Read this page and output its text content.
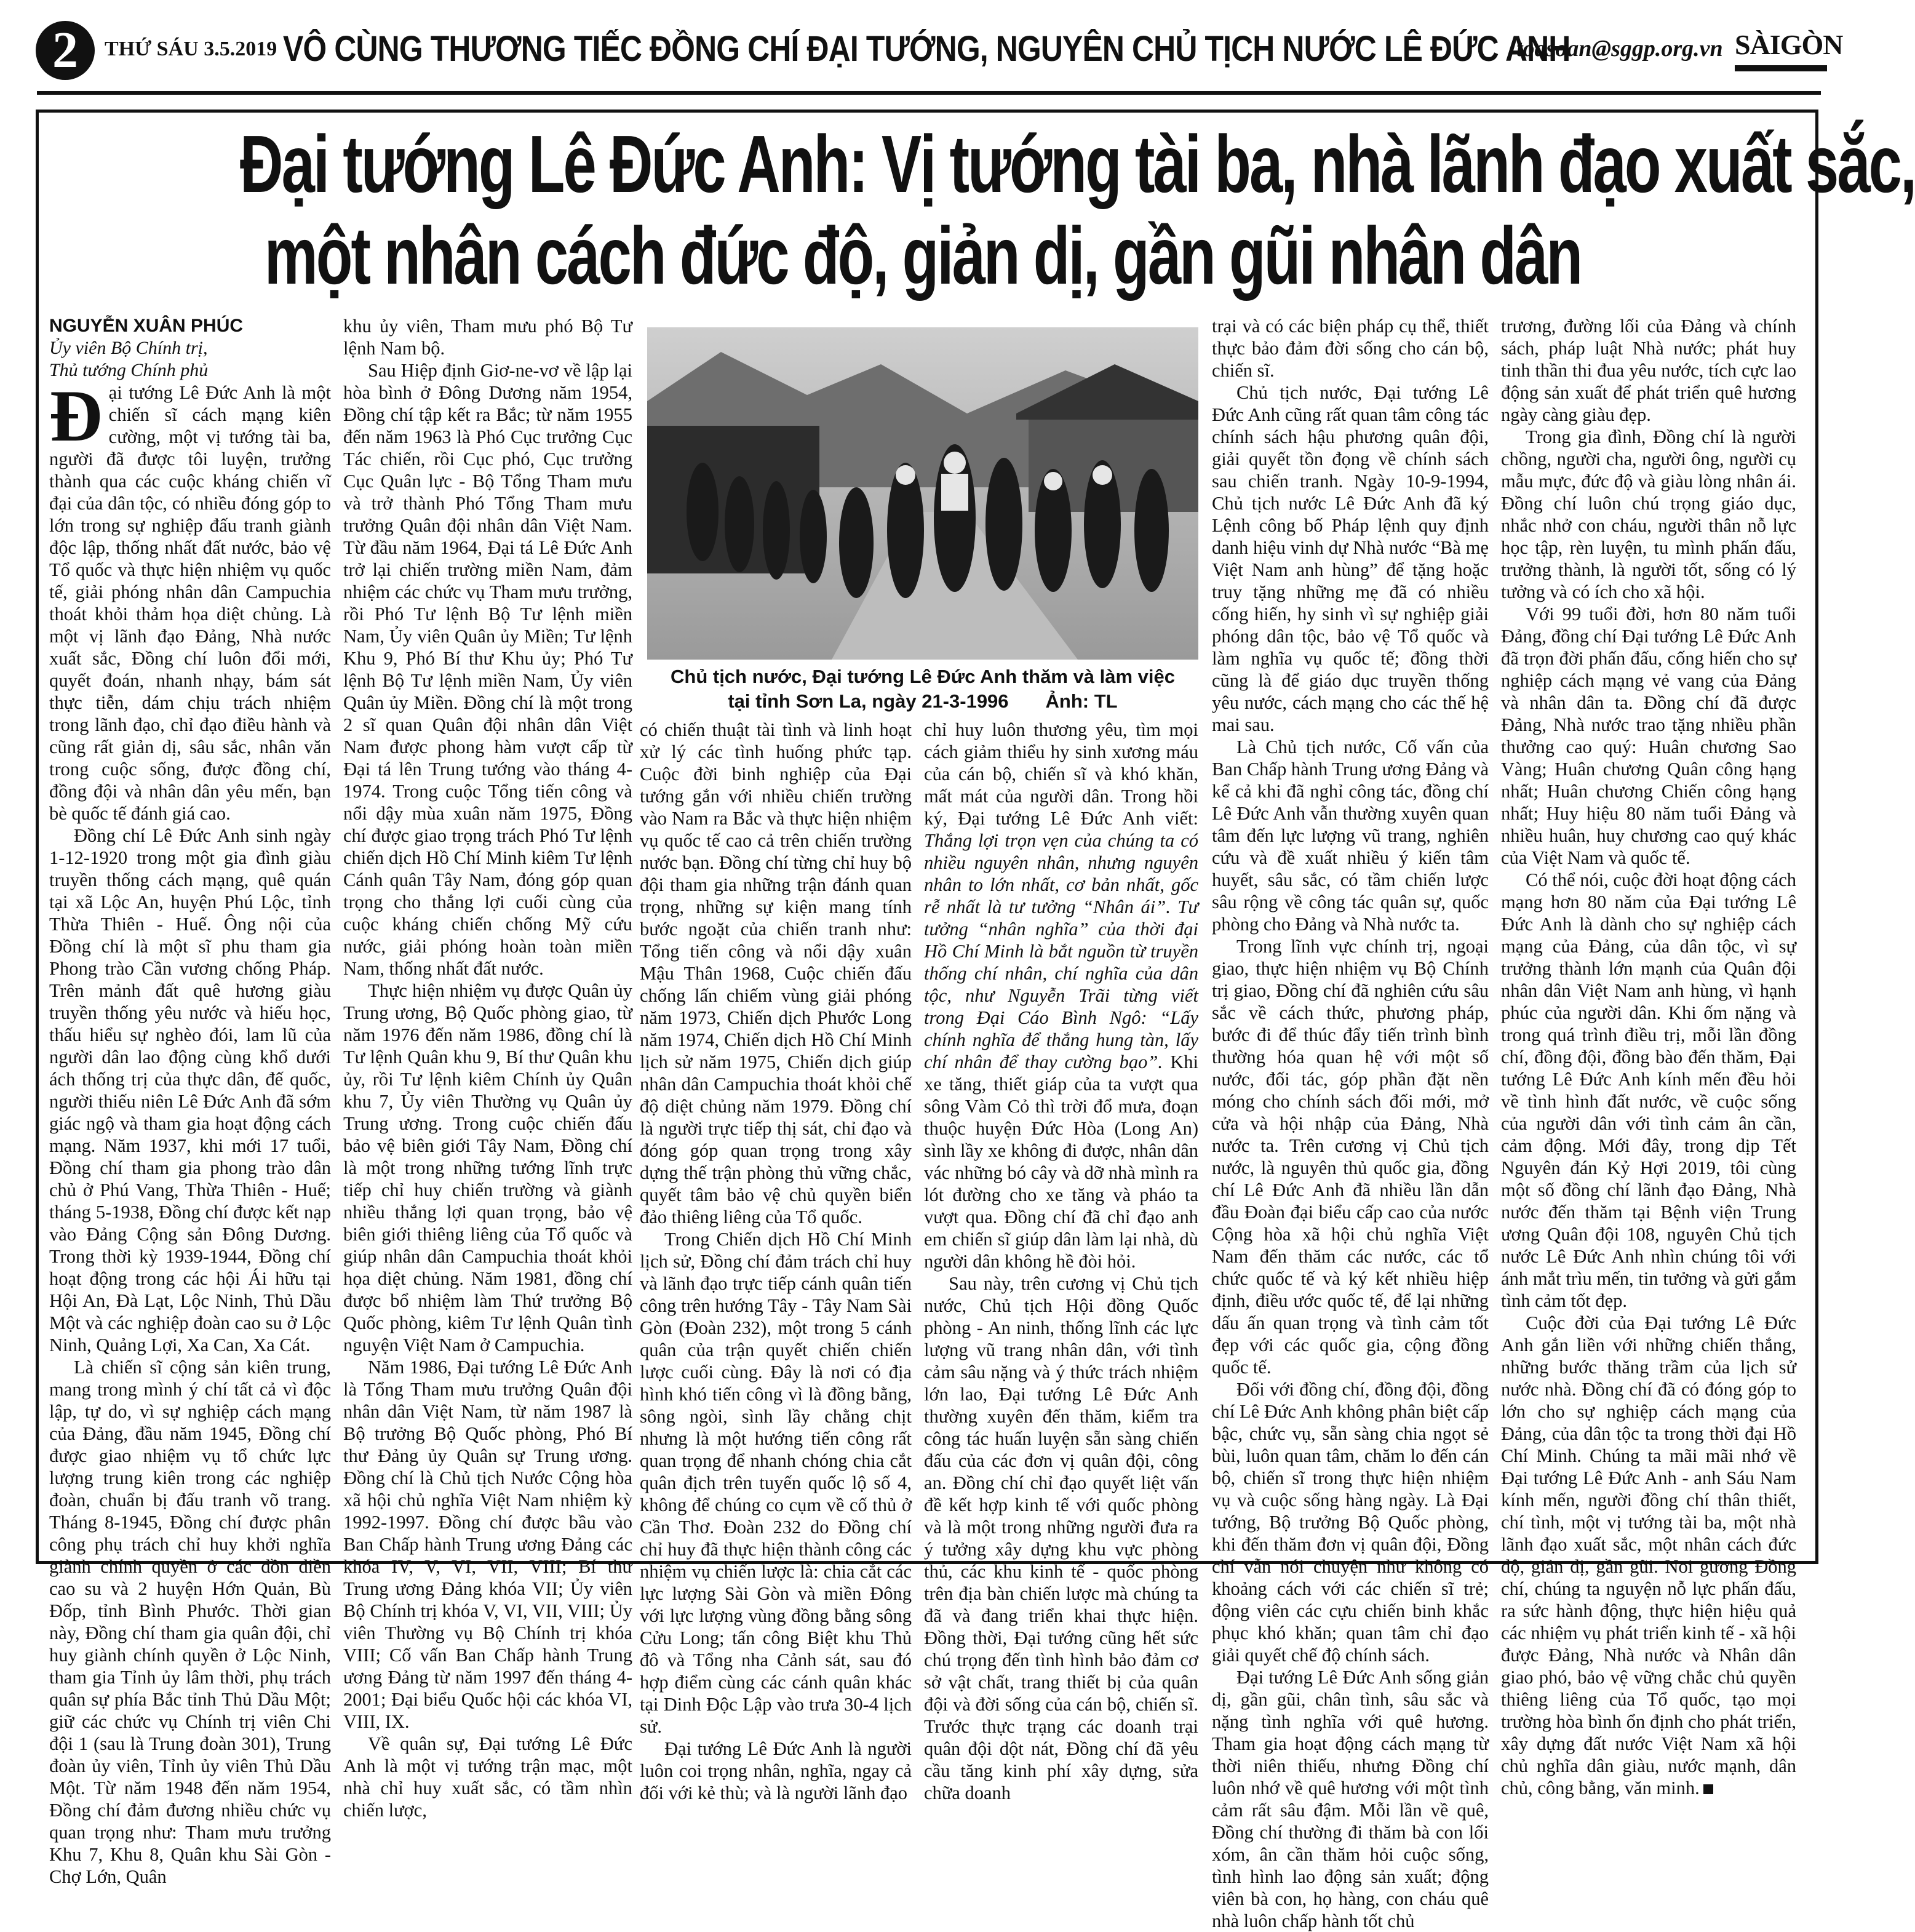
2	THỨ SÁU 3.5.2019 VÔ CÙNG THƯƠNG TIẾC ĐỒNG CHÍ ĐẠI TƯỚNG, NGUYÊN CHỦ TỊCH NƯỚC LÊ ĐỨC ANH
toasoan@sggp.org.vn SÀIGÒN
Đại tướng Lê Đức Anh: Vị tướng tài ba, nhà lãnh đạo xuất sắc,
một nhân cách đức độ, giản dị, gần gũi nhân dân

NGUYỄN XUÂN PHÚC

Ủy viên Bộ Chính trị,

Thủ tướng Chính phủ

Đại tướng Lê Đức Anh là một chiến sĩ cách mạng kiên cường, một vị tướng tài ba, người đã được tôi luyện, trưởng thành qua các cuộc kháng chiến vĩ đại của dân tộc, có nhiều đóng góp to lớn trong sự nghiệp đấu tranh giành độc lập, thống nhất đất nước, bảo vệ Tổ quốc và thực hiện nhiệm vụ quốc tế, giải phóng nhân dân Campuchia thoát khỏi thảm họa diệt chủng. Là một vị lãnh đạo Đảng, Nhà nước xuất sắc, Đồng chí luôn đổi mới, quyết đoán, nhanh nhạy, bám sát thực tiễn, dám chịu trách nhiệm trong lãnh đạo, chỉ đạo điều hành và cũng rất giản dị, sâu sắc, nhân văn trong cuộc sống, được đồng chí, đồng đội và nhân dân yêu mến, bạn bè quốc tế đánh giá cao.

Đồng chí Lê Đức Anh sinh ngày 1-12-1920 trong một gia đình giàu truyền thống cách mạng, quê quán tại xã Lộc An, huyện Phú Lộc, tỉnh Thừa Thiên - Huế. Ông nội của Đồng chí là một sĩ phu tham gia Phong trào Cần vương chống Pháp. Trên mảnh đất quê hương giàu truyền thống yêu nước và hiếu học, thấu hiểu sự nghèo đói, lam lũ của người dân lao động cùng khổ dưới ách thống trị của thực dân, đế quốc, người thiếu niên Lê Đức Anh đã sớm giác ngộ và tham gia hoạt động cách mạng. Năm 1937, khi mới 17 tuổi, Đồng chí tham gia phong trào dân chủ ở Phú Vang, Thừa Thiên - Huế; tháng 5-1938, Đồng chí được kết nạp vào Đảng Cộng sản Đông Dương. Trong thời kỳ 1939-1944, Đồng chí hoạt động trong các hội Ái hữu tại Hội An, Đà Lạt, Lộc Ninh, Thủ Dầu Một và các nghiệp đoàn cao su ở Lộc Ninh, Quảng Lợi, Xa Can, Xa Cát.

Là chiến sĩ cộng sản kiên trung, mang trong mình ý chí tất cả vì độc lập, tự do, vì sự nghiệp cách mạng của Đảng, đầu năm 1945, Đồng chí được giao nhiệm vụ tổ chức lực lượng trung kiên trong các nghiệp đoàn, chuẩn bị đấu tranh võ trang. Tháng 8-1945, Đồng chí được phân công phụ trách chỉ huy khởi nghĩa giành chính quyền ở các đồn điền cao su và 2 huyện Hớn Quản, Bù Đốp, tỉnh Bình Phước. Thời gian này, Đồng chí tham gia quân đội, chỉ huy giành chính quyền ở Lộc Ninh, tham gia Tỉnh ủy lâm thời, phụ trách quân sự phía Bắc tỉnh Thủ Dầu Một; giữ các chức vụ Chính trị viên Chi đội 1 (sau là Trung đoàn 301), Trung đoàn ủy viên, Tỉnh ủy viên Thủ Dầu Một. Từ năm 1948 đến năm 1954, Đồng chí đảm đương nhiều chức vụ quan trọng như: Tham mưu trưởng Khu 7, Khu 8, Quân khu Sài Gòn - Chợ Lớn, Quân

khu ủy viên, Tham mưu phó Bộ Tư lệnh Nam bộ.

Sau Hiệp định Giơ-ne-vơ về lập lại hòa bình ở Đông Dương năm 1954, Đồng chí tập kết ra Bắc; từ năm 1955 đến năm 1963 là Phó Cục trưởng Cục Tác chiến, rồi Cục phó, Cục trưởng Cục Quân lực - Bộ Tổng Tham mưu và trở thành Phó Tổng Tham mưu trưởng Quân đội nhân dân Việt Nam. Từ đầu năm 1964, Đại tá Lê Đức Anh trở lại chiến trường miền Nam, đảm nhiệm các chức vụ Tham mưu trưởng, rồi Phó Tư lệnh Bộ Tư lệnh miền Nam, Ủy viên Quân ủy Miền; Tư lệnh Khu 9, Phó Bí thư Khu ủy; Phó Tư lệnh Bộ Tư lệnh miền Nam, Ủy viên Quân ủy Miền. Đồng chí là một trong 2 sĩ quan Quân đội nhân dân Việt Nam được phong hàm vượt cấp từ Đại tá lên Trung tướng vào tháng 4-1974. Trong cuộc Tổng tiến công và nổi dậy mùa xuân năm 1975, Đồng chí được giao trọng trách Phó Tư lệnh chiến dịch Hồ Chí Minh kiêm Tư lệnh Cánh quân Tây Nam, đóng góp quan trọng cho thắng lợi cuối cùng của cuộc kháng chiến chống Mỹ cứu nước, giải phóng hoàn toàn miền Nam, thống nhất đất nước.

Thực hiện nhiệm vụ được Quân ủy Trung ương, Bộ Quốc phòng giao, từ năm 1976 đến năm 1986, đồng chí là Tư lệnh Quân khu 9, Bí thư Quân khu ủy, rồi Tư lệnh kiêm Chính ủy Quân khu 7, Ủy viên Thường vụ Quân ủy Trung ương. Trong cuộc chiến đấu bảo vệ biên giới Tây Nam, Đồng chí là một trong những tướng lĩnh trực tiếp chỉ huy chiến trường và giành nhiều thắng lợi quan trọng, bảo vệ biên giới thiêng liêng của Tổ quốc và giúp nhân dân Campuchia thoát khỏi họa diệt chủng. Năm 1981, đồng chí được bổ nhiệm làm Thứ trưởng Bộ Quốc phòng, kiêm Tư lệnh Quân tình nguyện Việt Nam ở Campuchia.

Năm 1986, Đại tướng Lê Đức Anh là Tổng Tham mưu trưởng Quân đội nhân dân Việt Nam, từ năm 1987 là Bộ trưởng Bộ Quốc phòng, Phó Bí thư Đảng ủy Quân sự Trung ương. Đồng chí là Chủ tịch Nước Cộng hòa xã hội chủ nghĩa Việt Nam nhiệm kỳ 1992-1997. Đồng chí được bầu vào Ban Chấp hành Trung ương Đảng các khóa IV, V, VI, VII, VIII; Bí thư Trung ương Đảng khóa VII; Ủy viên Bộ Chính trị khóa V, VI, VII, VIII; Ủy viên Thường vụ Bộ Chính trị khóa VIII; Cố vấn Ban Chấp hành Trung ương Đảng từ năm 1997 đến tháng 4-2001; Đại biểu Quốc hội các khóa VI, VIII, IX.

Về quân sự, Đại tướng Lê Đức Anh là một vị tướng trận mạc, một nhà chỉ huy xuất sắc, có tầm nhìn chiến lược,

Chủ tịch nước, Đại tướng Lê Đức Anh thăm và làm việc
tại tỉnh Sơn La, ngày 21-3-1996 Ảnh: TL

có chiến thuật tài tình và linh hoạt xử lý các tình huống phức tạp. Cuộc đời binh nghiệp của Đại tướng gắn với nhiều chiến trường vào Nam ra Bắc và thực hiện nhiệm vụ quốc tế cao cả trên chiến trường nước bạn. Đồng chí từng chỉ huy bộ đội tham gia những trận đánh quan trọng, những sự kiện mang tính bước ngoặt của chiến tranh như: Tổng tiến công và nổi dậy xuân Mậu Thân 1968, Cuộc chiến đấu chống lấn chiếm vùng giải phóng năm 1973, Chiến dịch Phước Long năm 1974, Chiến dịch Hồ Chí Minh lịch sử năm 1975, Chiến dịch giúp nhân dân Campuchia thoát khỏi chế độ diệt chủng năm 1979. Đồng chí là người trực tiếp thị sát, chỉ đạo và đóng góp quan trọng trong xây dựng thế trận phòng thủ vững chắc, quyết tâm bảo vệ chủ quyền biển đảo thiêng liêng của Tổ quốc.

Trong Chiến dịch Hồ Chí Minh lịch sử, Đồng chí đảm trách chỉ huy và lãnh đạo trực tiếp cánh quân tiến công trên hướng Tây - Tây Nam Sài Gòn (Đoàn 232), một trong 5 cánh quân của trận quyết chiến chiến lược cuối cùng. Đây là nơi có địa hình khó tiến công vì là đồng bằng, sông ngòi, sình lầy chằng chịt nhưng là một hướng tiến công rất quan trọng để nhanh chóng chia cắt quân địch trên tuyến quốc lộ số 4, không để chúng co cụm về cố thủ ở Cần Thơ. Đoàn 232 do Đồng chí chỉ huy đã thực hiện thành công các nhiệm vụ chiến lược là: chia cắt các lực lượng Sài Gòn và miền Đông với lực lượng vùng đồng bằng sông Cửu Long; tấn công Biệt khu Thủ đô và Tổng nha Cảnh sát, sau đó hợp điểm cùng các cánh quân khác tại Dinh Độc Lập vào trưa 30-4 lịch sử.

Đại tướng Lê Đức Anh là người luôn coi trọng nhân, nghĩa, ngay cả đối với kẻ thù; và là người lãnh đạo

chỉ huy luôn thương yêu, tìm mọi cách giảm thiểu hy sinh xương máu của cán bộ, chiến sĩ và khó khăn, mất mát của người dân. Trong hồi ký, Đại tướng Lê Đức Anh viết: Thắng lợi trọn vẹn của chúng ta có nhiều nguyên nhân, nhưng nguyên nhân to lớn nhất, cơ bản nhất, gốc rễ nhất là tư tưởng “Nhân ái”. Tư tưởng “nhân nghĩa” của thời đại Hồ Chí Minh là bắt nguồn từ truyền thống chí nhân, chí nghĩa của dân tộc, như Nguyễn Trãi từng viết trong Đại Cáo Bình Ngô: “Lấy chính nghĩa để thắng hung tàn, lấy chí nhân để thay cường bạo”. Khi xe tăng, thiết giáp của ta vượt qua sông Vàm Cỏ thì trời đổ mưa, đoạn thuộc huyện Đức Hòa (Long An) sình lầy xe không đi được, nhân dân vác những bó cây và dỡ nhà mình ra lót đường cho xe tăng và pháo ta vượt qua. Đồng chí đã chỉ đạo anh em chiến sĩ giúp dân làm lại nhà, dù người dân không hề đòi hỏi.

Sau này, trên cương vị Chủ tịch nước, Chủ tịch Hội đồng Quốc phòng - An ninh, thống lĩnh các lực lượng vũ trang nhân dân, với tình cảm sâu nặng và ý thức trách nhiệm lớn lao, Đại tướng Lê Đức Anh thường xuyên đến thăm, kiểm tra công tác huấn luyện sẵn sàng chiến đấu của các đơn vị quân đội, công an. Đồng chí chỉ đạo quyết liệt vấn đề kết hợp kinh tế với quốc phòng và là một trong những người đưa ra ý tưởng xây dựng khu vực phòng thủ, các khu kinh tế - quốc phòng trên địa bàn chiến lược mà chúng ta đã và đang triển khai thực hiện. Đồng thời, Đại tướng cũng hết sức chú trọng đến tình hình bảo đảm cơ sở vật chất, trang thiết bị của quân đội và đời sống của cán bộ, chiến sĩ. Trước thực trạng các doanh trại quân đội dột nát, Đồng chí đã yêu cầu tăng kinh phí xây dựng, sửa chữa doanh

trại và có các biện pháp cụ thể, thiết thực bảo đảm đời sống cho cán bộ, chiến sĩ.

Chủ tịch nước, Đại tướng Lê Đức Anh cũng rất quan tâm công tác chính sách hậu phương quân đội, giải quyết tồn đọng về chính sách sau chiến tranh. Ngày 10-9-1994, Chủ tịch nước Lê Đức Anh đã ký Lệnh công bố Pháp lệnh quy định danh hiệu vinh dự Nhà nước “Bà mẹ Việt Nam anh hùng” để tặng hoặc truy tặng những mẹ đã có nhiều cống hiến, hy sinh vì sự nghiệp giải phóng dân tộc, bảo vệ Tổ quốc và làm nghĩa vụ quốc tế; đồng thời cũng là để giáo dục truyền thống yêu nước, cách mạng cho các thế hệ mai sau.

Là Chủ tịch nước, Cố vấn của Ban Chấp hành Trung ương Đảng và kể cả khi đã nghỉ công tác, đồng chí Lê Đức Anh vẫn thường xuyên quan tâm đến lực lượng vũ trang, nghiên cứu và đề xuất nhiều ý kiến tâm huyết, sâu sắc, có tầm chiến lược sâu rộng về công tác quân sự, quốc phòng cho Đảng và Nhà nước ta.

Trong lĩnh vực chính trị, ngoại giao, thực hiện nhiệm vụ Bộ Chính trị giao, Đồng chí đã nghiên cứu sâu sắc về cách thức, phương pháp, bước đi để thúc đẩy tiến trình bình thường hóa quan hệ với một số nước, đối tác, góp phần đặt nền móng cho chính sách đối mới, mở cửa và hội nhập của Đảng, Nhà nước ta. Trên cương vị Chủ tịch nước, là nguyên thủ quốc gia, đồng chí Lê Đức Anh đã nhiều lần dẫn đầu Đoàn đại biểu cấp cao của nước Cộng hòa xã hội chủ nghĩa Việt Nam đến thăm các nước, các tổ chức quốc tế và ký kết nhiều hiệp định, điều ước quốc tế, để lại những dấu ấn quan trọng và tình cảm tốt đẹp với các quốc gia, cộng đồng quốc tế.

Đối với đồng chí, đồng đội, đồng chí Lê Đức Anh không phân biệt cấp bậc, chức vụ, sẵn sàng chia ngọt sẻ bùi, luôn quan tâm, chăm lo đến cán bộ, chiến sĩ trong thực hiện nhiệm vụ và cuộc sống hàng ngày. Là Đại tướng, Bộ trưởng Bộ Quốc phòng, khi đến thăm đơn vị quân đội, Đồng chí vẫn nói chuyện như không có khoảng cách với các chiến sĩ trẻ; động viên các cựu chiến binh khắc phục khó khăn; quan tâm chỉ đạo giải quyết chế độ chính sách.

Đại tướng Lê Đức Anh sống giản dị, gần gũi, chân tình, sâu sắc và nặng tình nghĩa với quê hương. Tham gia hoạt động cách mạng từ thời niên thiếu, nhưng Đồng chí luôn nhớ về quê hương với một tình cảm rất sâu đậm. Mỗi lần về quê, Đồng chí thường đi thăm bà con lối xóm, ân cần thăm hỏi cuộc sống, tình hình lao động sản xuất; động viên bà con, họ hàng, con cháu quê nhà luôn chấp hành tốt chủ

trương, đường lối của Đảng và chính sách, pháp luật Nhà nước; phát huy tinh thần thi đua yêu nước, tích cực lao động sản xuất để phát triển quê hương ngày càng giàu đẹp.

Trong gia đình, Đồng chí là người chồng, người cha, người ông, người cụ mẫu mực, đức độ và giàu lòng nhân ái. Đồng chí luôn chú trọng giáo dục, nhắc nhở con cháu, người thân nỗ lực học tập, rèn luyện, tu mình phấn đấu, trưởng thành, là người tốt, sống có lý tưởng và có ích cho xã hội.

Với 99 tuổi đời, hơn 80 năm tuổi Đảng, đồng chí Đại tướng Lê Đức Anh đã trọn đời phấn đấu, cống hiến cho sự nghiệp cách mạng vẻ vang của Đảng và nhân dân ta. Đồng chí đã được Đảng, Nhà nước trao tặng nhiều phần thưởng cao quý: Huân chương Sao Vàng; Huân chương Quân công hạng nhất; Huân chương Chiến công hạng nhất; Huy hiệu 80 năm tuổi Đảng và nhiều huân, huy chương cao quý khác của Việt Nam và quốc tế.

Có thể nói, cuộc đời hoạt động cách mạng hơn 80 năm của Đại tướng Lê Đức Anh là dành cho sự nghiệp cách mạng của Đảng, của dân tộc, vì sự trưởng thành lớn mạnh của Quân đội nhân dân Việt Nam anh hùng, vì hạnh phúc của người dân. Khi ốm nặng và trong quá trình điều trị, mỗi lần đồng chí, đồng đội, đồng bào đến thăm, Đại tướng Lê Đức Anh kính mến đều hỏi về tình hình đất nước, về cuộc sống của người dân với tình cảm ân cần, cảm động. Mới đây, trong dịp Tết Nguyên đán Kỷ Hợi 2019, tôi cùng một số đồng chí lãnh đạo Đảng, Nhà nước đến thăm tại Bệnh viện Trung ương Quân đội 108, nguyên Chủ tịch nước Lê Đức Anh nhìn chúng tôi với ánh mắt trìu mến, tin tưởng và gửi gắm tình cảm tốt đẹp.

Cuộc đời của Đại tướng Lê Đức Anh gắn liền với những chiến thắng, những bước thăng trầm của lịch sử nước nhà. Đồng chí đã có đóng góp to lớn cho sự nghiệp cách mạng của Đảng, của dân tộc ta trong thời đại Hồ Chí Minh. Chúng ta mãi mãi nhớ về Đại tướng Lê Đức Anh - anh Sáu Nam kính mến, người đồng chí thân thiết, chí tình, một vị tướng tài ba, một nhà lãnh đạo xuất sắc, một nhân cách đức độ, giản dị, gần gũi. Noi gương Đồng chí, chúng ta nguyện nỗ lực phấn đấu, ra sức hành động, thực hiện hiệu quả các nhiệm vụ phát triển kinh tế - xã hội được Đảng, Nhà nước và Nhân dân giao phó, bảo vệ vững chắc chủ quyền thiêng liêng của Tổ quốc, tạo mọi trường hòa bình ổn định cho phát triển, xây dựng đất nước Việt Nam xã hội chủ nghĩa dân giàu, nước mạnh, dân chủ, công bằng, văn minh.
